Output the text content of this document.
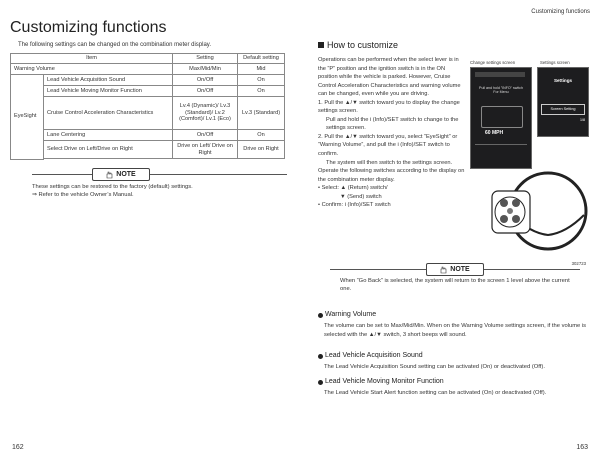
Customizing functions
Customizing functions
The following settings can be changed on the combination meter display.
Item		Setting	Default setting
Warning Volume		Max/Mid/Min	Mid
EyeSight	Lead Vehicle Acquisition Sound	On/Off	On
	Lead Vehicle Moving Monitor Function	On/Off	On
	Cruise Control Acceleration Characteristics	Lv.4 (Dynamic)/ Lv.3 (Standard)/ Lv.2 (Comfort)/ Lv.1 (Eco)	Lv.3 (Standard)
	Lane Centering	On/Off	On
	Select Drive on Left/Drive on Right	Drive on Left/ Drive on Right	Drive on Right

NOTE
These settings can be restored to the factory (default) settings.
⇒ Refer to the vehicle Owner’s Manual.
162
How to customize

Operations can be performed when the select lever is in the “P” position and the ignition switch is in the ON position while the vehicle is parked. However, Cruise Control Acceleration Characteristics and warning volume can be changed, even while you are driving.

1. Pull the ▲/▼ switch toward you to display the change settings screen.

Pull and hold the i (Info)/SET switch to change to the settings screen.

2. Pull the ▲/▼ switch toward you, select “EyeSight” or “Warning Volume”, and pull the i (Info)/SET switch to confirm.

The system will then switch to the settings screen.

Operate the following switches according to the display on the combination meter display.

• Select: ▲ (Return) switch/

▼ (Send) switch

• Confirm: i (Info)/SET switch

Change settings screen	Settings screen
Pull and hold "INFO" switch For Menu
60 MPH
Settings
Screen Setting
1/8
302723
NOTE
When “Go Back” is selected, the system will return to the screen 1 level above the current one.
Warning Volume

The volume can be set to Max/Mid/Min. When on the Warning Volume settings screen, if the volume is selected with the ▲/▼ switch, 3 short beeps will sound.

Lead Vehicle Acquisition Sound

The Lead Vehicle Acquisition Sound setting can be activated (On) or deactivated (Off).

Lead Vehicle Moving Monitor Function

The Lead Vehicle Start Alert function setting can be activated (On) or deactivated (Off).

163
